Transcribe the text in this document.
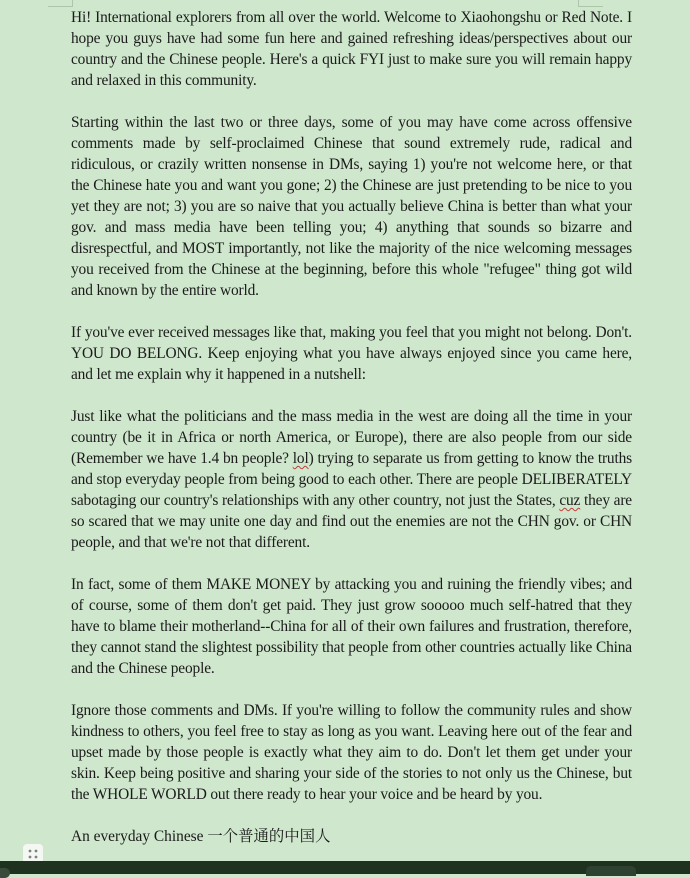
Hi! International explorers from all over the world. Welcome to Xiaohongshu or Red Note. I hope you guys have had some fun here and gained refreshing ideas/perspectives about our country and the Chinese people. Here's a quick FYI just to make sure you will remain happy and relaxed in this community.

Starting within the last two or three days, some of you may have come across offensive comments made by self-proclaimed Chinese that sound extremely rude, radical and ridiculous, or crazily written nonsense in DMs, saying 1) you're not welcome here, or that the Chinese hate you and want you gone; 2) the Chinese are just pretending to be nice to you yet they are not; 3) you are so naive that you actually believe China is better than what your gov. and mass media have been telling you; 4) anything that sounds so bizarre and disrespectful, and MOST importantly, not like the majority of the nice welcoming messages you received from the Chinese at the beginning, before this whole "refugee" thing got wild and known by the entire world.

If you've ever received messages like that, making you feel that you might not belong. Don't. YOU DO BELONG. Keep enjoying what you have always enjoyed since you came here, and let me explain why it happened in a nutshell:

Just like what the politicians and the mass media in the west are doing all the time in your country (be it in Africa or north America, or Europe), there are also people from our side (Remember we have 1.4 bn people? lol) trying to separate us from getting to know the truths and stop everyday people from being good to each other. There are people DELIBERATELY sabotaging our country's relationships with any other country, not just the States, cuz they are so scared that we may unite one day and find out the enemies are not the CHN gov. or CHN people, and that we're not that different.

In fact, some of them MAKE MONEY by attacking you and ruining the friendly vibes; and of course, some of them don't get paid. They just grow sooooo much self-hatred that they have to blame their motherland--China for all of their own failures and frustration, therefore, they cannot stand the slightest possibility that people from other countries actually like China and the Chinese people.

Ignore those comments and DMs. If you're willing to follow the community rules and show kindness to others, you feel free to stay as long as you want. Leaving here out of the fear and upset made by those people is exactly what they aim to do. Don't let them get under your skin. Keep being positive and sharing your side of the stories to not only us the Chinese, but the WHOLE WORLD out there ready to hear your voice and be heard by you.

An everyday Chinese 一个普通的中国人
